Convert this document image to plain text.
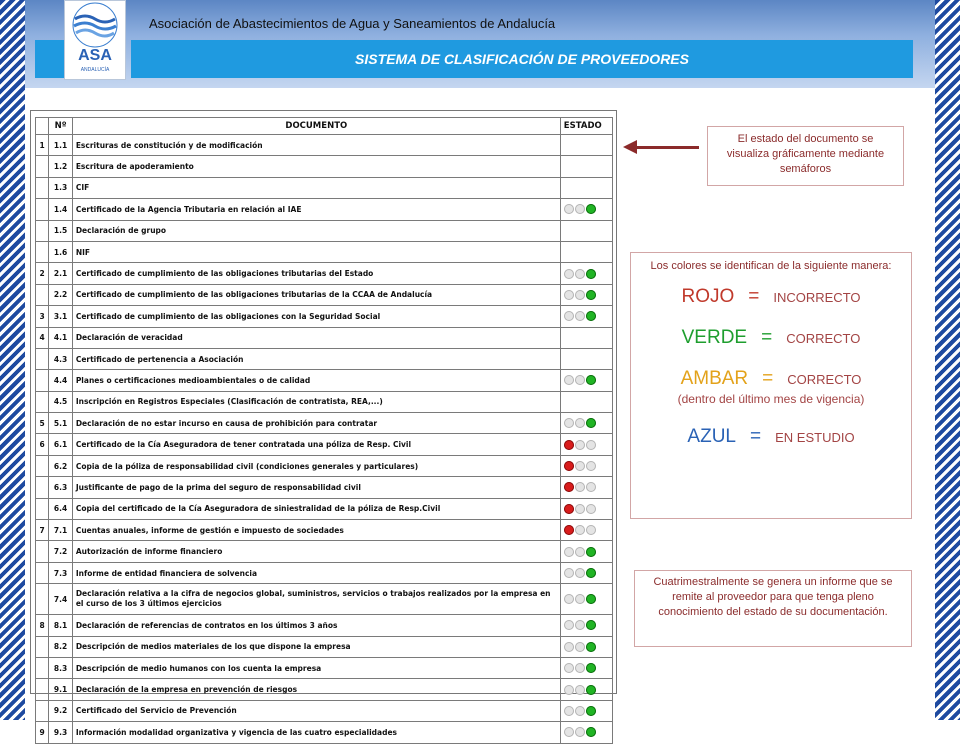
ASA
ANDALUCÍA
Asociación de Abastecimientos de Agua y Saneamientos de Andalucía
SISTEMA DE CLASIFICACIÓN DE PROVEEDORES
	Nº	DOCUMENTO	ESTADO
1	1.1	Escrituras de constitución y de modificación	
	1.2	Escritura de apoderamiento	
	1.3	CIF	
	1.4	Certificado de la Agencia Tributaria en relación al IAE	

	1.5	Declaración de grupo	
	1.6	NIF	
2	2.1	Certificado de cumplimiento de las obligaciones tributarias del Estado	

	2.2	Certificado de cumplimiento de las obligaciones tributarias de la CCAA de Andalucía	

3	3.1	Certificado de cumplimiento de las obligaciones con la Seguridad Social	

4	4.1	Declaración de veracidad	
	4.3	Certificado de pertenencia a Asociación	
	4.4	Planes o certificaciones medioambientales o de calidad	

	4.5	Inscripción en Registros Especiales (Clasificación de contratista, REA,...)	
5	5.1	Declaración de no estar incurso en causa de prohibición para contratar	

6	6.1	Certificado de la Cía Aseguradora de tener contratada una póliza de Resp. Civil	

	6.2	Copia de la póliza de responsabilidad civil (condiciones generales y particulares)	

	6.3	Justificante de pago de la prima del seguro de responsabilidad civil	

	6.4	Copia del certificado de la Cía Aseguradora de siniestralidad de la póliza de Resp.Civil	

7	7.1	Cuentas anuales, informe de gestión e impuesto de sociedades	

	7.2	Autorización de informe financiero	

	7.3	Informe de entidad financiera de solvencia	

	7.4	Declaración relativa a la cifra de negocios global, suministros, servicios o trabajos realizados por la empresa en el curso de los 3 últimos ejercicios	

8	8.1	Declaración de referencias de contratos en los últimos 3 años	

	8.2	Descripción de medios materiales de los que dispone la empresa	

	8.3	Descripción de medio humanos con los cuenta la empresa	

	9.1	Declaración de la empresa en prevención de riesgos	

	9.2	Certificado del Servicio de Prevención	

9	9.3	Información modalidad organizativa y vigencia de las cuatro especialidades	
El estado del documento se visualiza gráficamente mediante semáforos
Los colores se identifican de la siguiente manera:
ROJO = INCORRECTO
VERDE = CORRECTO
AMBAR = CORRECTO
(dentro del último mes de vigencia)
AZUL = EN ESTUDIO
Cuatrimestralmente se genera un informe que se remite al proveedor para que tenga pleno conocimiento del estado de su documentación.
